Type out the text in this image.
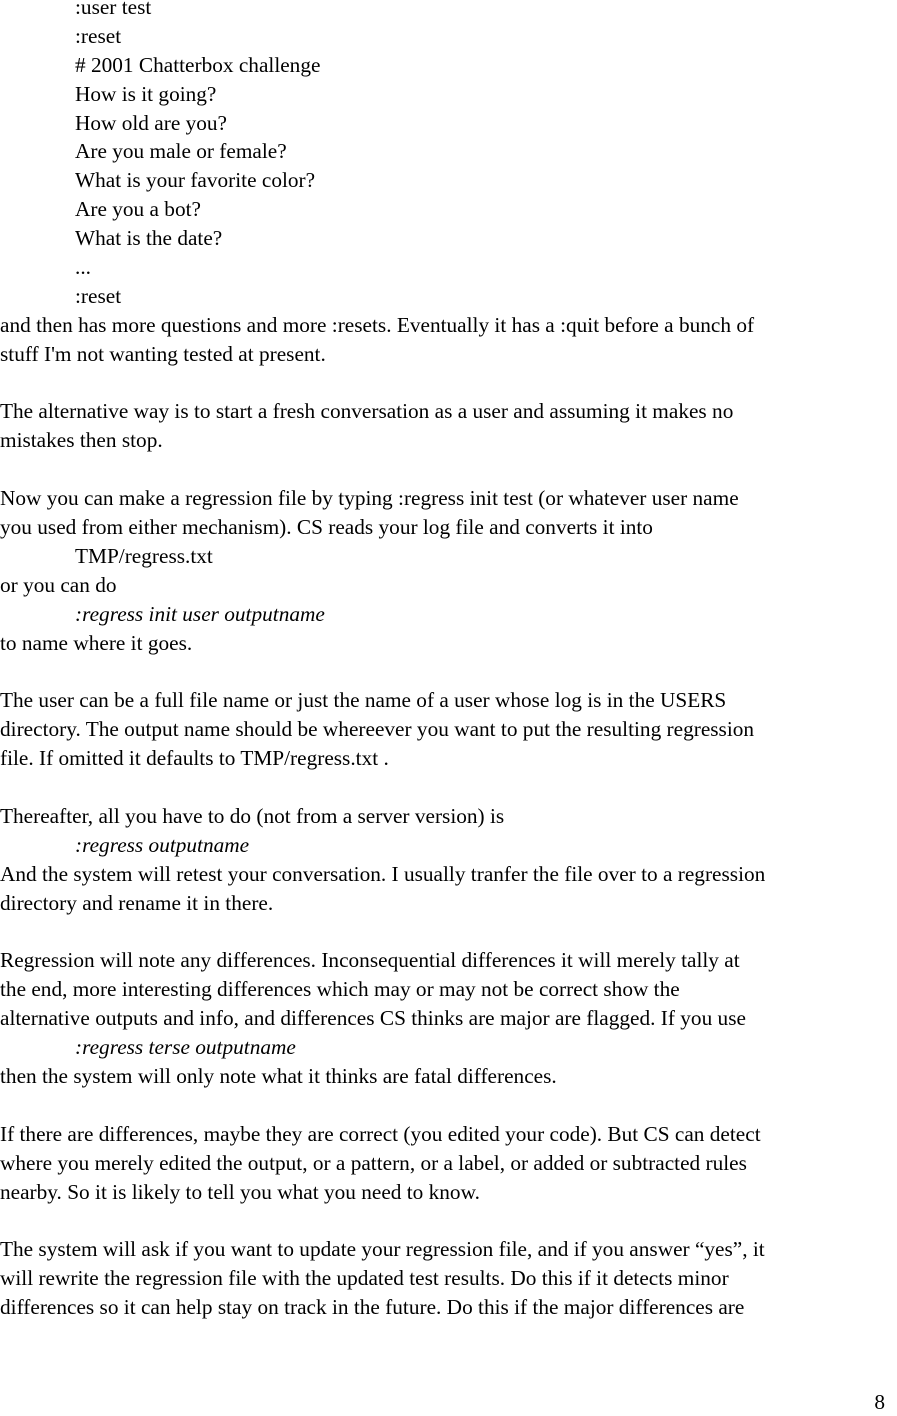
:user test
:reset
# 2001 Chatterbox challenge
How is it going?
How old are you?
Are you male or female?
What is your favorite color?
Are you a bot?
What is the date?
...
:reset
and then has more questions and more :resets. Eventually it has a :quit before a bunch of
stuff I'm not wanting tested at present.
The alternative way is to start a fresh conversation as a user and assuming it makes no
mistakes then stop.
Now you can make a regression file by typing :regress init test (or whatever user name
you used from either mechanism). CS reads your log file and converts it into
TMP/regress.txt
or you can do
:regress init user outputname
to name where it goes.
The user can be a full file name or just the name of a user whose log is in the USERS
directory. The output name should be whereever you want to put the resulting regression
file. If omitted it defaults to TMP/regress.txt .
Thereafter, all you have to do (not from a server version) is
:regress outputname
And the system will retest your conversation. I usually tranfer the file over to a regression
directory and rename it in there.
Regression will note any differences. Inconsequential differences it will merely tally at
the end, more interesting differences which may or may not be correct show the
alternative outputs and info, and differences CS thinks are major are flagged. If you use
:regress terse outputname
then the system will only note what it thinks are fatal differences.
If there are differences, maybe they are correct (you edited your code). But CS can detect
where you merely edited the output, or a pattern, or a label, or added or subtracted rules
nearby. So it is likely to tell you what you need to know.
The system will ask if you want to update your regression file, and if you answer “yes”, it
will rewrite the regression file with the updated test results. Do this if it detects minor
differences so it can help stay on track in the future. Do this if the major differences are
8
